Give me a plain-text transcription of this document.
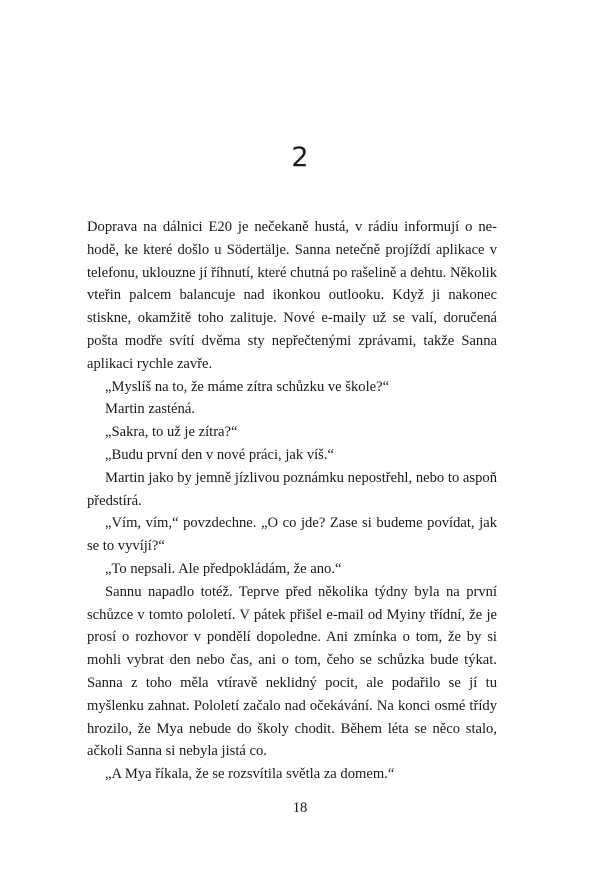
2

Doprava na dálnici E20 je nečekaně hustá, v rádiu informují o nehodě, ke které došlo u Södertälje. Sanna netečně projíždí aplikace v telefonu, uklouzne jí říhnutí, které chutná po rašelině a dehtu. Několik vteřin palcem balancuje nad ikonkou outlooku. Když ji nakonec stiskne, okamžitě toho zalituje. Nové e-maily už se valí, doručená pošta modře svítí dvěma sty nepřečtenými zprávami, takže Sanna aplikaci rychle zavře.

„Myslíš na to, že máme zítra schůzku ve škole?“

Martin zasténá.

„Sakra, to už je zítra?“

„Budu první den v nové práci, jak víš.“

Martin jako by jemně jízlivou poznámku nepostřehl, nebo to aspoň předstírá.

„Vím, vím,“ povzdechne. „O co jde? Zase si budeme povídat, jak se to vyvíjí?“

„To nepsali. Ale předpokládám, že ano.“

Sannu napadlo totéž. Teprve před několika týdny byla na první schůzce v tomto pololetí. V pátek přišel e-mail od Myiny třídní, že je prosí o rozhovor v pondělí dopoledne. Ani zmínka o tom, že by si mohli vybrat den nebo čas, ani o tom, čeho se schůzka bude týkat. Sanna z toho měla vtíravě neklidný pocit, ale podařilo se jí tu myšlenku zahnat. Pololetí začalo nad očekávání. Na konci osmé třídy hrozilo, že Mya nebude do školy chodit. Během léta se něco stalo, ačkoli Sanna si nebyla jistá co.

„A Mya říkala, že se rozsvítila světla za domem.“

18
